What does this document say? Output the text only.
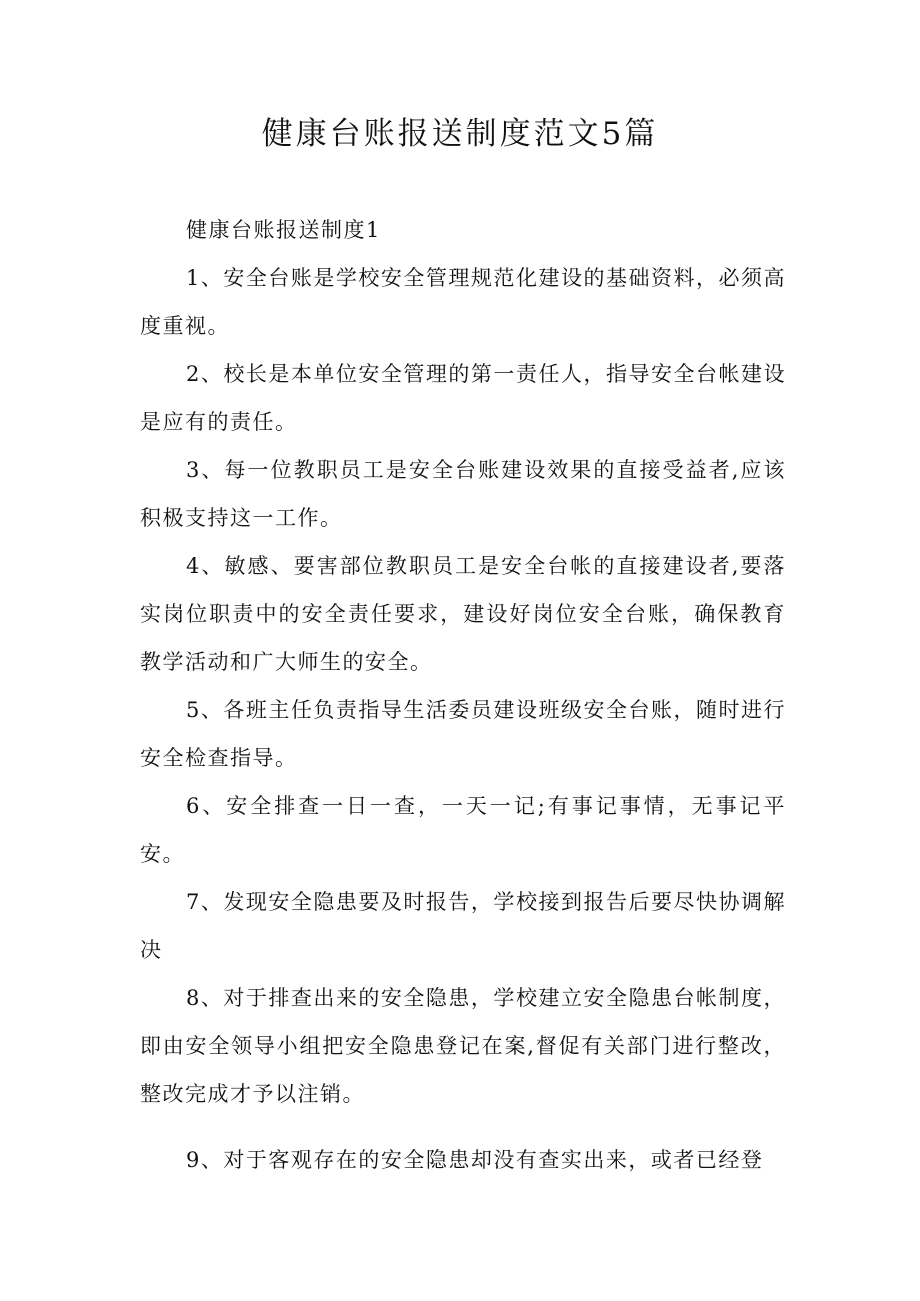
健康台账报送制度范文5篇

健康台账报送制度1

1、安全台账是学校安全管理规范化建设的基础资料，必须高度重视。

2、校长是本单位安全管理的第一责任人，指导安全台帐建设是应有的责任。

3、每一位教职员工是安全台账建设效果的直接受益者,应该积极支持这一工作。

4、敏感、要害部位教职员工是安全台帐的直接建设者,要落实岗位职责中的安全责任要求，建设好岗位安全台账，确保教育教学活动和广大师生的安全。

5、各班主任负责指导生活委员建设班级安全台账，随时进行安全检查指导。

6、安全排查一日一查，一天一记;有事记事情，无事记平安。

7、发现安全隐患要及时报告，学校接到报告后要尽快协调解决

8、对于排查出来的安全隐患，学校建立安全隐患台帐制度，即由安全领导小组把安全隐患登记在案,督促有关部门进行整改，整改完成才予以注销。

9、对于客观存在的安全隐患却没有查实出来，或者已经登
